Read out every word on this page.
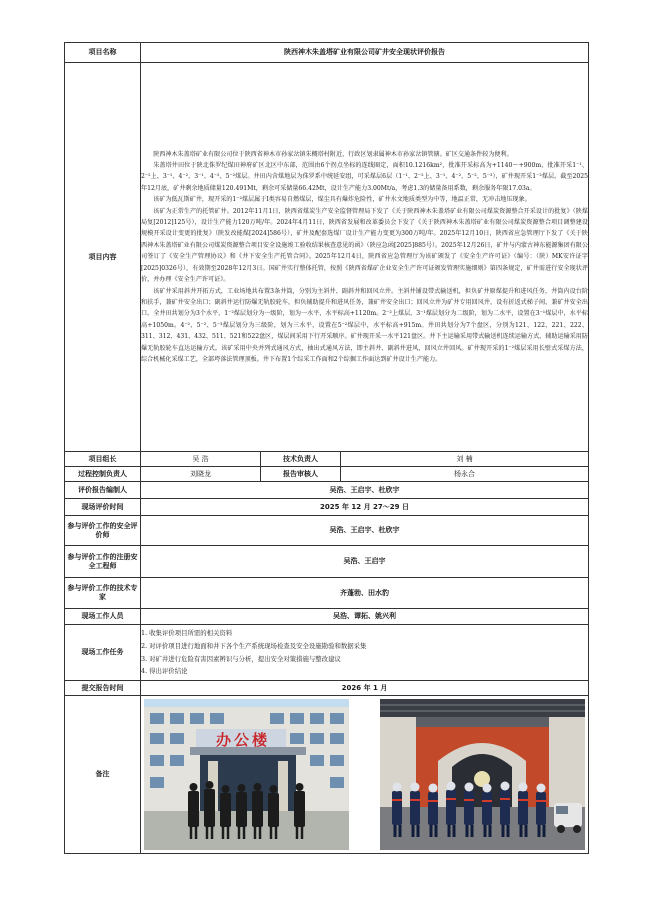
项目名称	陕西神木朱盖塔矿业有限公司矿井安全现状评价报告		
项目内容	陕西神木朱盖塔矿业有限公司位于陕西省神木市孙家岔镇朱概塔村附近，行政区划隶属神木市孙家岔镇管辖。矿区交通条件较为便利。

朱盖塔井田位于陕北侏罗纪煤田神府矿区北区中东部，范围由6个拐点坐标的连线圈定，面积10.1216km²，批准开采标高为+1140～+900m，批准开采1⁻¹、2⁻²上、3⁻¹、4⁻²、3⁻¹、4⁻²、5⁻²煤层。井田内含煤地层为侏罗系中统延安组，可采煤层6层（1⁻¹、2⁻²上、3⁻¹、4⁻²、5⁻²、5⁻³），矿井现开采1⁻²煤层。截至2025年12月底，矿井剩余地质储量120.491Mt，剩余可采储量66.42Mt，设计生产能力3.00Mt/a，考虑1.3的储量备用系数，剩余服务年限17.03a。

该矿为低瓦斯矿井，现开采的1⁻²煤层属于Ⅰ类容易自燃煤层，煤尘具有爆炸危险性，矿井水文地质类型为中等，地温正常，无冲击地压现象。

该矿为正常生产的托管矿井。2012年11月1日，陕西省煤炭生产安全监督管理局下发了《关于陕西神木朱盖塔矿业有限公司煤炭资源整合开采设计的批复》（陕煤局复[2012]125号），设计生产能力120万吨/年。2024年4月11日，陕西省发展和改革委员会下发了《关于陕西神木朱盖塔矿业有限公司煤炭资源整合项目调整建设规模开采设计变更的批复》（陕发改能煤[2024]586号），矿井及配套选煤厂设计生产能力变更为300万吨/年。2025年12月10日，陕西省应急管理厅下发了《关于陕西神木朱盖塔矿业有限公司煤炭资源整合项目安全设施竣工验收结果核查意见的函》（陕应急函[2025]885号）。2025年12月26日，矿井与内蒙古神东能源集团有限公司签订了《安全生产管理协议》和《井下安全生产托管合同》。2025年12月4日，陕西省应急管理厅为该矿颁发了《安全生产许可证》（编号：（陕）MK安许证字[2025]0326号），有效期至2028年12月3日。国矿井实行整体托管，按照《陕西省煤矿企业安全生产许可证颁发管理实施细则》第四条规定，矿井需进行安全现状评价，并办理《安全生产许可证》。

该矿井采用斜井开拓方式，工业场地共布置3条井筒，分别为主斜井、副斜井和回风立井。主斜井铺设带式输送机，担负矿井原煤提升和进风任务，井筒内设台阶和扶手，兼矿井安全出口；副斜井运行防爆无轨胶轮车，担负辅助提升和进风任务，兼矿井安全出口；回风立井为矿井专用回风井，设有折返式梯子间，兼矿井安全出口。全井田共划分为3个水平，1⁻²煤层划分为一级阶，划为一水平，水平标高+1120m。2⁻²上煤层、3⁻¹煤层划分为二级阶，划为二水平，设置在3⁻¹煤层中，水平标高+1050m。4⁻²、5⁻²、5⁻³煤层划分为三级阶，划为三水平，设置在5⁻²煤层中，水平标高+915m。井田共划分为7个盘区，分别为121、122、221、222、311、312、431、432、511、521和522盘区，煤层间采用下行开采顺序。矿井现开采一水平121盘区。井下主运输采用带式输送机连续运输方式，辅助运输采用防爆无轨胶轮车直达运输方式。该矿采用中央并列式通风方式，抽出式通风方法，即主斜井、副斜井进风，回风立井回风。矿井现开采的1⁻²煤层采用长壁式采煤方法，综合机械化采煤工艺，全部垮落法管理顶板。井下布置1个综采工作面和2个综掘工作面达到矿井设计生产能力。		

项目组长	吴 浩	技术负责人	刘 楠
过程控制负责人	刘晓龙	报告审核人	杨永合
评价报告编制人	吴浩、王启宇、杜欣宇		
现场评价时间	2025 年 12 月 27～29 日		
参与评价工作的安全评价师	吴浩、王启宇、杜欣宇		
参与评价工作的注册安全工程师	吴浩、王启宇		
参与评价工作的技术专家	齐蓬勃、田水豹		
现场工作人员	吴浩、谭拓、姚兴利		
现场工作任务	1. 收集评价项目所需的相关资料
2. 对评价项目进行地面和井下各个生产系统现场检查及安全设施勘验和数据采集
3. 对矿井进行危险有害因素辨识与分析，提出安全对策措施与整改建议
4. 得出评价结论		

提交报告时间	2026 年 1 月		
备注	办公楼		
